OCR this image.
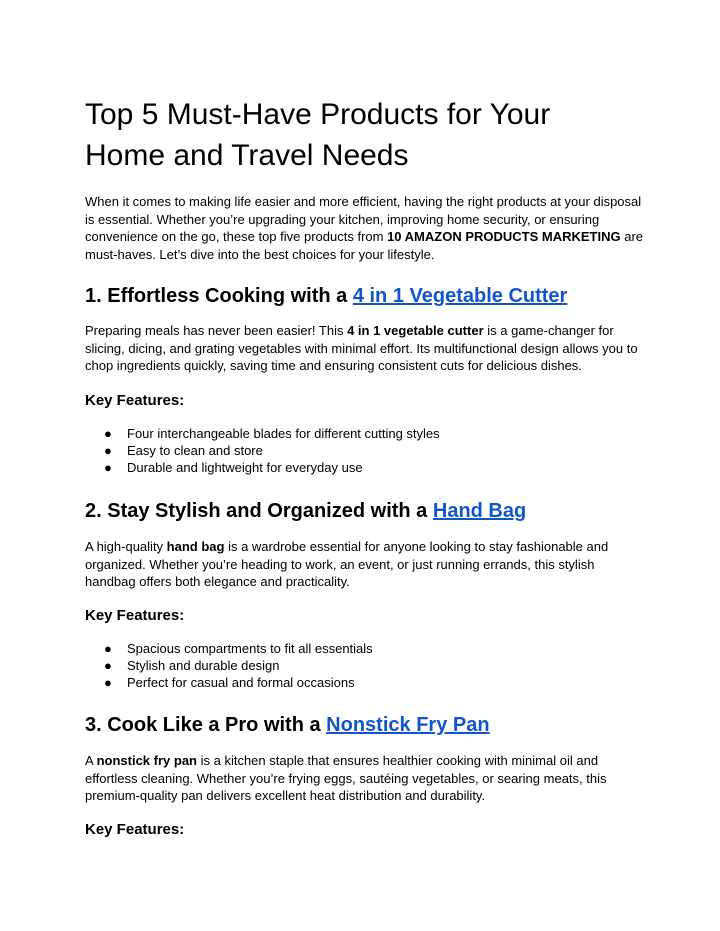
Top 5 Must-Have Products for Your
Home and Travel Needs

When it comes to making life easier and more efficient, having the right products at your disposal is essential. Whether you’re upgrading your kitchen, improving home security, or ensuring convenience on the go, these top five products from 10 AMAZON PRODUCTS MARKETING are must-haves. Let’s dive into the best choices for your lifestyle.

1. Effortless Cooking with a 4 in 1 Vegetable Cutter

Preparing meals has never been easier! This 4 in 1 vegetable cutter is a game-changer for slicing, dicing, and grating vegetables with minimal effort. Its multifunctional design allows you to chop ingredients quickly, saving time and ensuring consistent cuts for delicious dishes.

Key Features:
● Four interchangeable blades for different cutting styles
● Easy to clean and store
● Durable and lightweight for everyday use
2. Stay Stylish and Organized with a Hand Bag

A high-quality hand bag is a wardrobe essential for anyone looking to stay fashionable and organized. Whether you’re heading to work, an event, or just running errands, this stylish handbag offers both elegance and practicality.

Key Features:
● Spacious compartments to fit all essentials
● Stylish and durable design
● Perfect for casual and formal occasions
3. Cook Like a Pro with a Nonstick Fry Pan

A nonstick fry pan is a kitchen staple that ensures healthier cooking with minimal oil and effortless cleaning. Whether you’re frying eggs, sautéing vegetables, or searing meats, this premium-quality pan delivers excellent heat distribution and durability.

Key Features:
